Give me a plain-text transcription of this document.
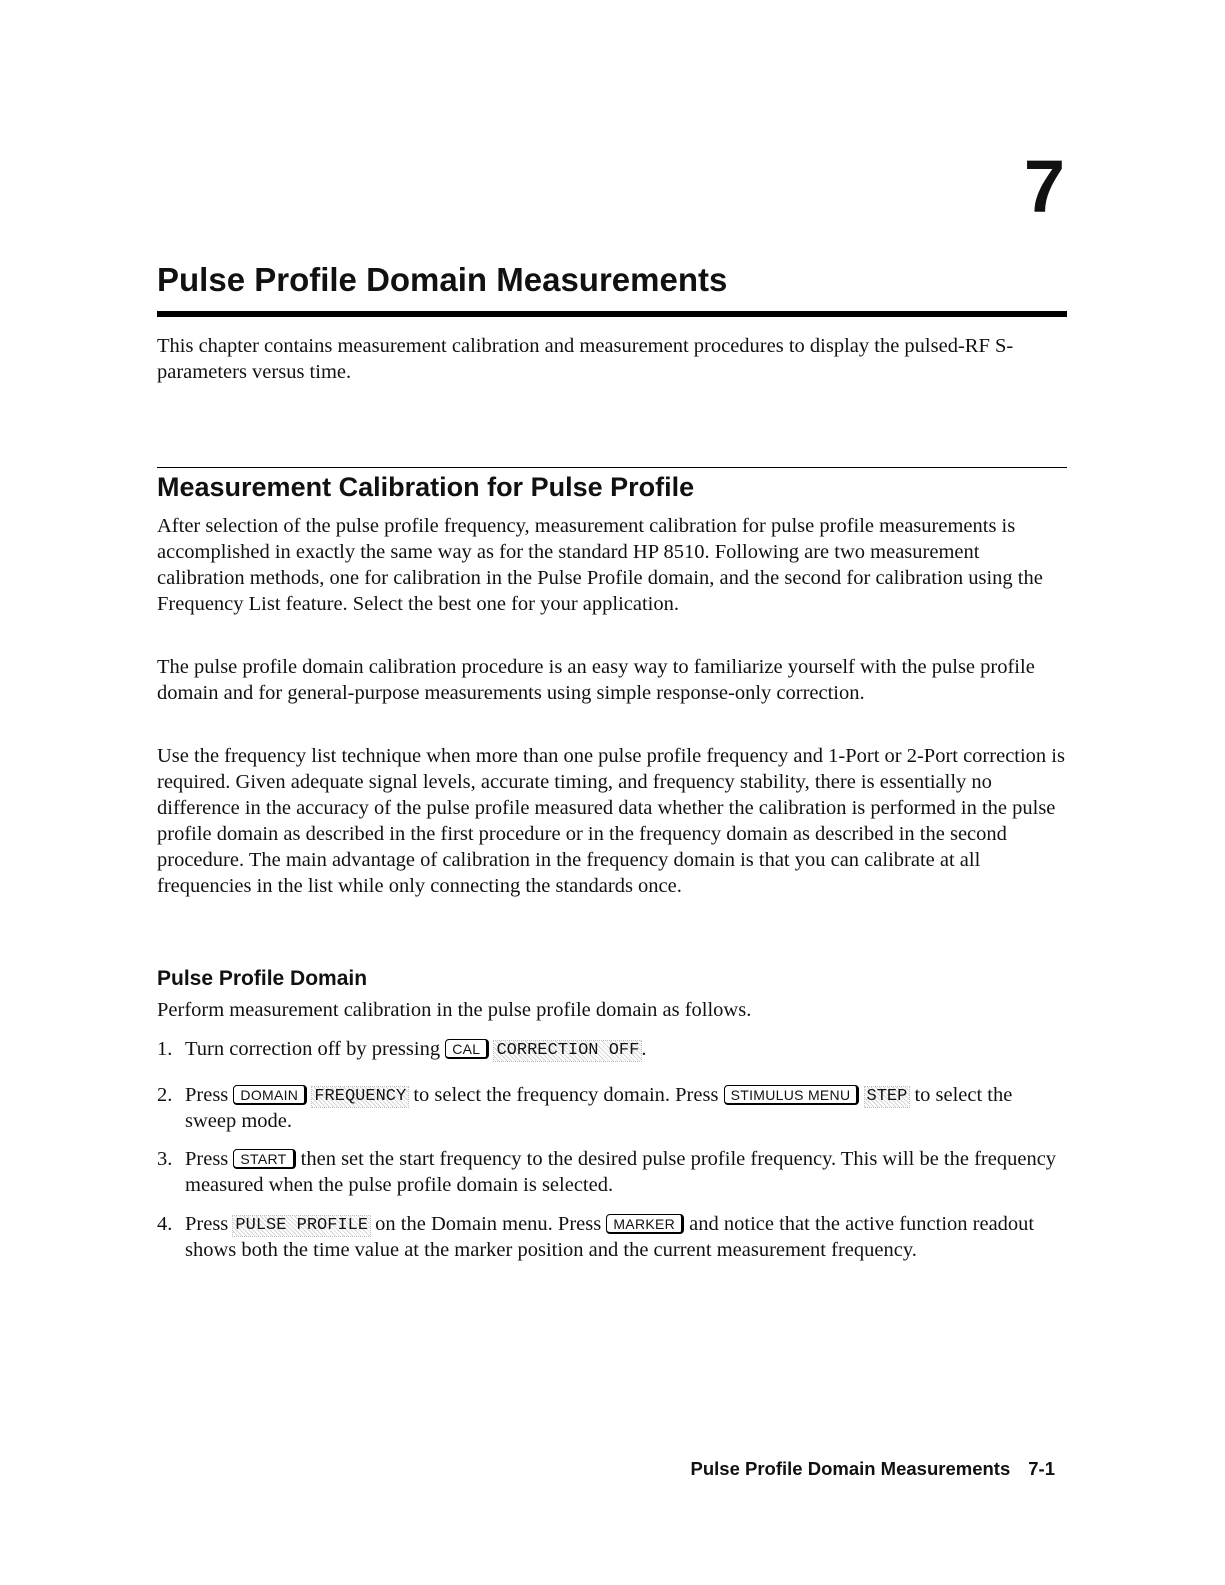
7
Pulse Profile Domain Measurements

This chapter contains measurement calibration and measurement procedures to display the pulsed-RF S-parameters versus time.

Measurement Calibration for Pulse Profile

After selection of the pulse profile frequency, measurement calibration for pulse profile measurements is accomplished in exactly the same way as for the standard HP 8510. Following are two measurement calibration methods, one for calibration in the Pulse Profile domain, and the second for calibration using the Frequency List feature. Select the best one for your application.

The pulse profile domain calibration procedure is an easy way to familiarize yourself with the pulse profile domain and for general-purpose measurements using simple response-only correction.

Use the frequency list technique when more than one pulse profile frequency and 1-Port or 2-Port correction is required. Given adequate signal levels, accurate timing, and frequency stability, there is essentially no difference in the accuracy of the pulse profile measured data whether the calibration is performed in the pulse profile domain as described in the first procedure or in the frequency domain as described in the second procedure. The main advantage of calibration in the frequency domain is that you can calibrate at all frequencies in the list while only connecting the standards once.

Pulse Profile Domain

Perform measurement calibration in the pulse profile domain as follows.

1. Turn correction off by pressing CAL CORRECTION OFF.
2. Press DOMAIN FREQUENCY to select the frequency domain. Press STIMULUS MENU STEP to select the sweep mode.
3. Press START then set the start frequency to the desired pulse profile frequency. This will be the frequency measured when the pulse profile domain is selected.
4. Press PULSE PROFILE on the Domain menu. Press MARKER and notice that the active function readout shows both the time value at the marker position and the current measurement frequency.
Pulse Profile Domain Measurements 7-1
